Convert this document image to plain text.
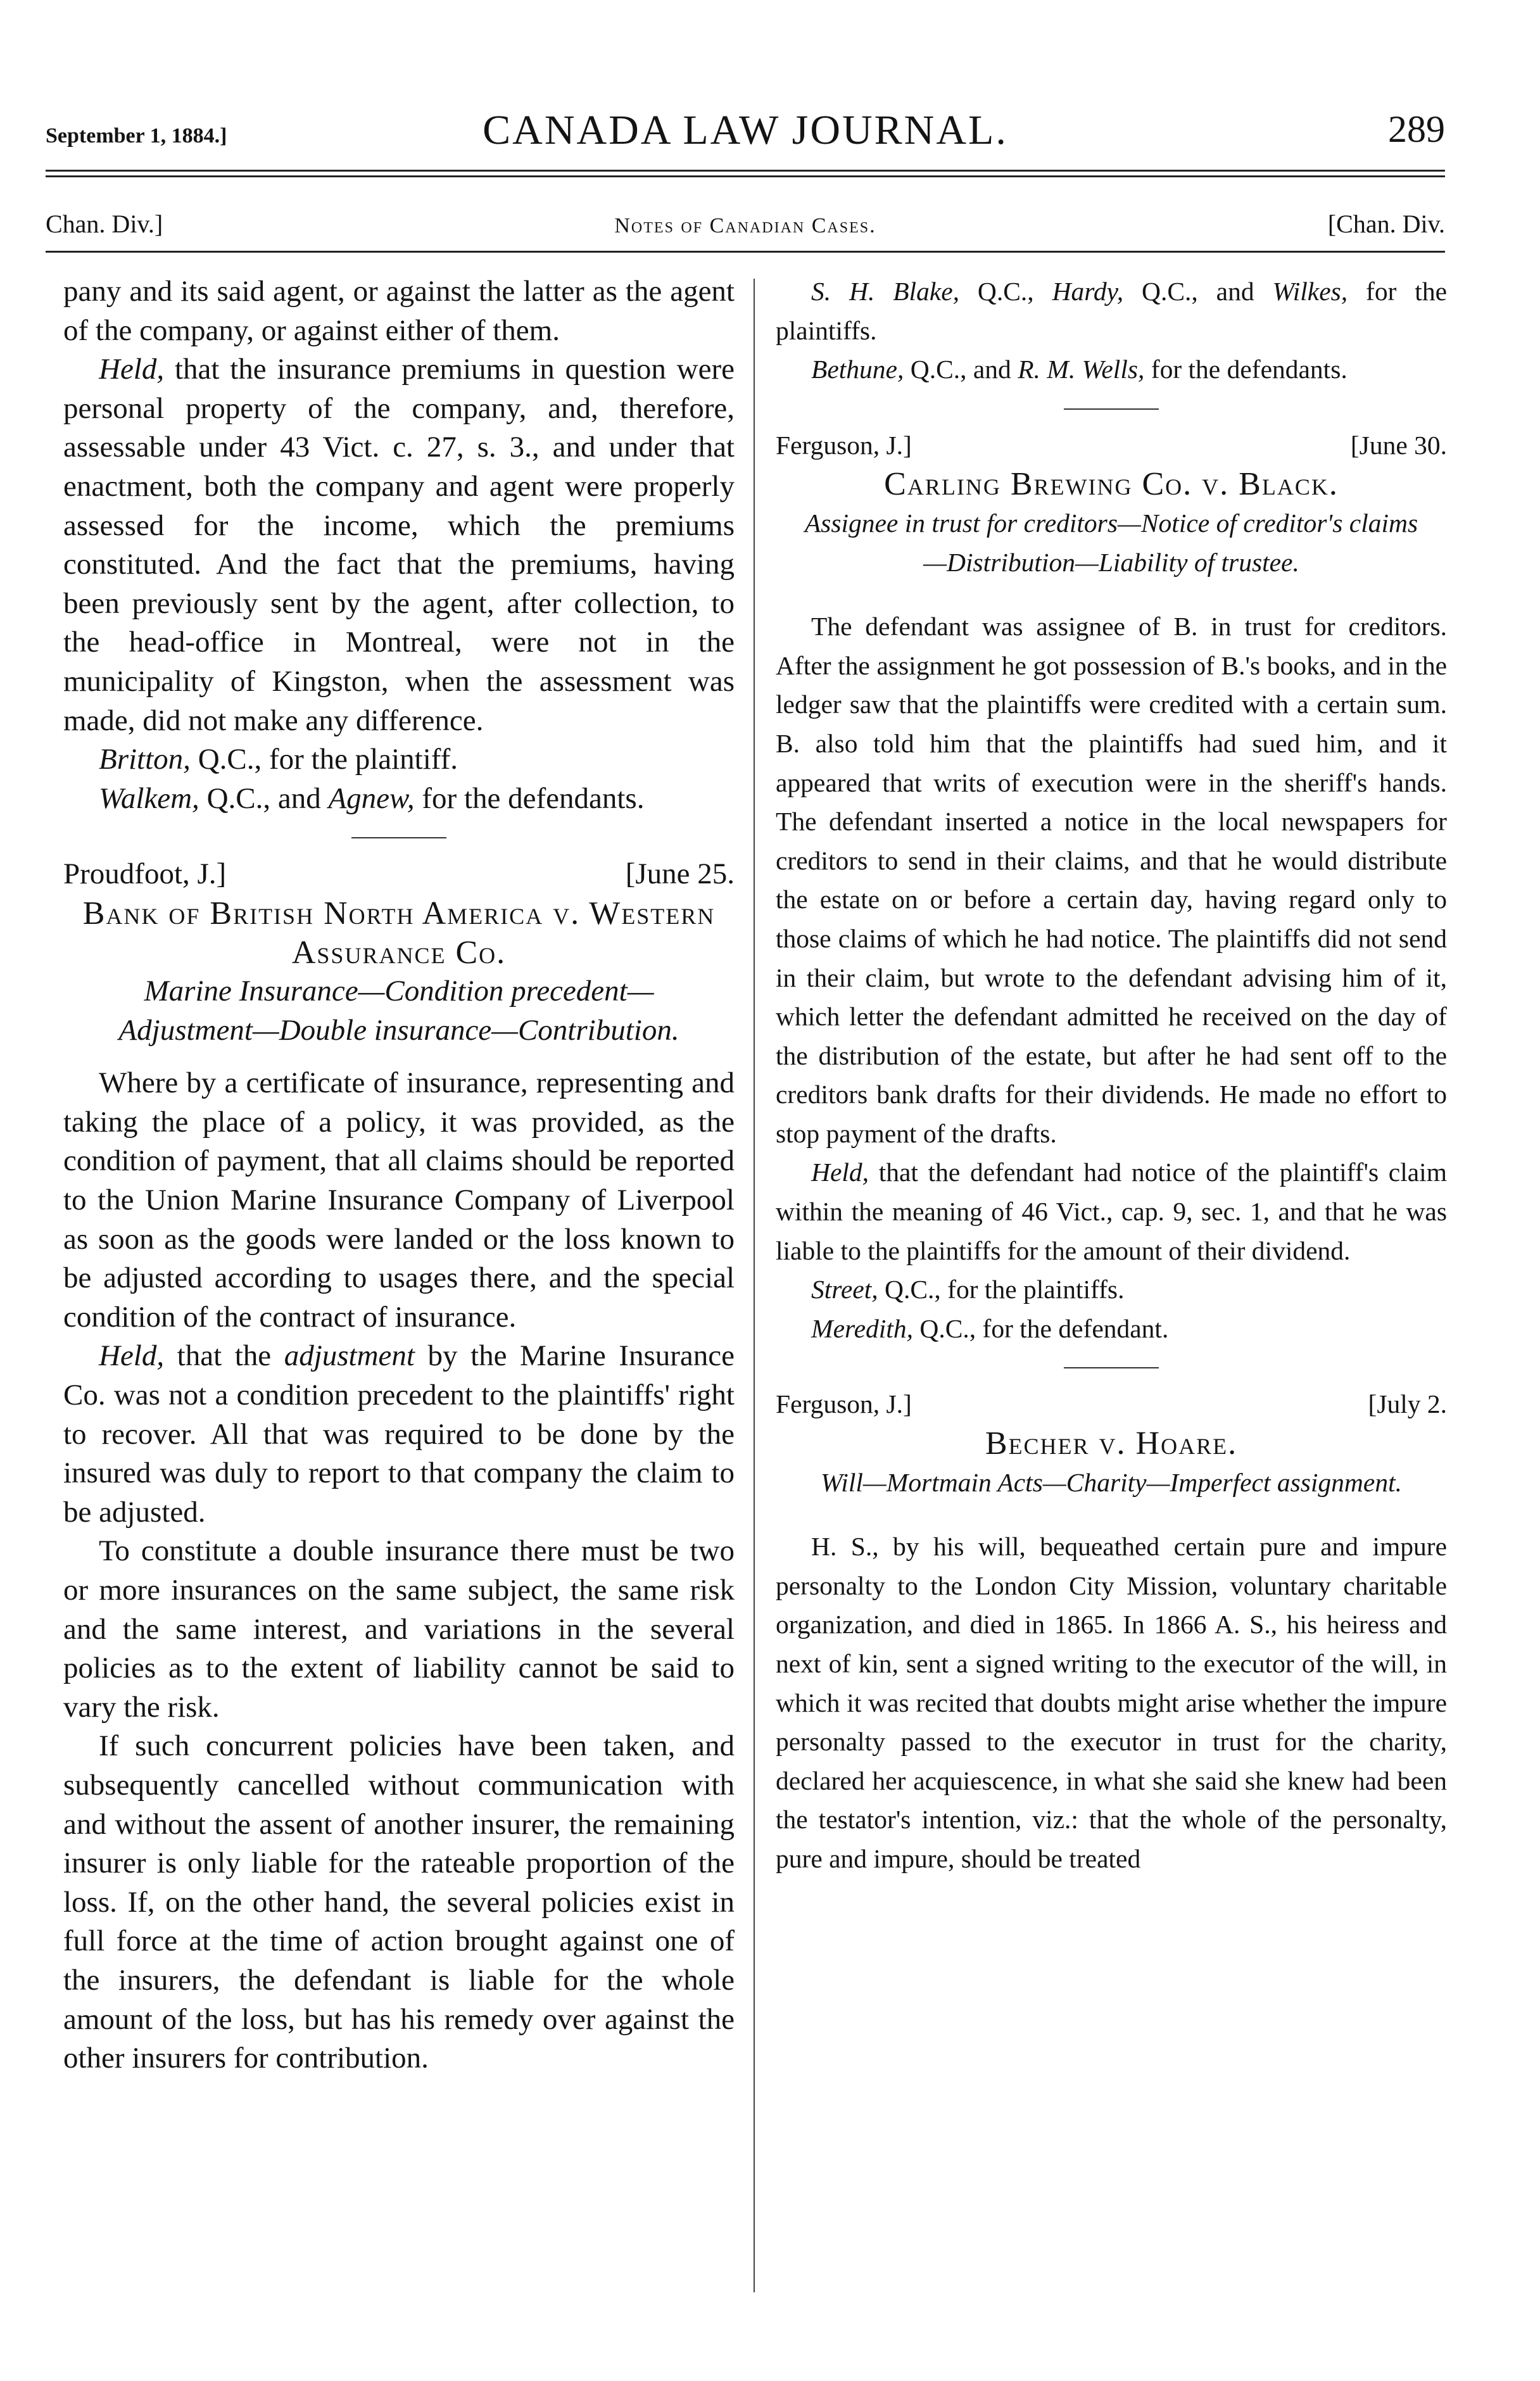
September 1, 1884.]	CANADA LAW JOURNAL.	289
Chan. Div.]	Notes of Canadian Cases.	[Chan. Div.

pany and its said agent, or against the latter as the agent of the company, or against either of them.

Held, that the insurance premiums in question were personal property of the company, and, therefore, assessable under 43 Vict. c. 27, s. 3., and under that enactment, both the company and agent were properly assessed for the income, which the premiums constituted. And the fact that the premiums, having been previously sent by the agent, after collection, to the head-office in Montreal, were not in the municipality of Kingston, when the assessment was made, did not make any difference.

Britton, Q.C., for the plaintiff.

Walkem, Q.C., and Agnew, for the defendants.

Proudfoot, J.]	[June 25.

Bank of British North America v. Western Assurance Co.

Marine Insurance—Condition precedent—Adjustment—Double insurance—Contribution.

Where by a certificate of insurance, representing and taking the place of a policy, it was provided, as the condition of payment, that all claims should be reported to the Union Marine Insurance Company of Liverpool as soon as the goods were landed or the loss known to be adjusted according to usages there, and the special condition of the contract of insurance.

Held, that the adjustment by the Marine Insurance Co. was not a condition precedent to the plaintiffs' right to recover. All that was required to be done by the insured was duly to report to that company the claim to be adjusted.

To constitute a double insurance there must be two or more insurances on the same subject, the same risk and the same interest, and variations in the several policies as to the extent of liability cannot be said to vary the risk.

If such concurrent policies have been taken, and subsequently cancelled without communication with and without the assent of another insurer, the remaining insurer is only liable for the rateable proportion of the loss. If, on the other hand, the several policies exist in full force at the time of action brought against one of the insurers, the defendant is liable for the whole amount of the loss, but has his remedy over against the other insurers for contribution.

S. H. Blake, Q.C., Hardy, Q.C., and Wilkes, for the plaintiffs.

Bethune, Q.C., and R. M. Wells, for the defendants.

Ferguson, J.]	[June 30.

Carling Brewing Co. v. Black.

Assignee in trust for creditors—Notice of creditor's claims—Distribution—Liability of trustee.

The defendant was assignee of B. in trust for creditors. After the assignment he got possession of B.'s books, and in the ledger saw that the plaintiffs were credited with a certain sum. B. also told him that the plaintiffs had sued him, and it appeared that writs of execution were in the sheriff's hands. The defendant inserted a notice in the local newspapers for creditors to send in their claims, and that he would distribute the estate on or before a certain day, having regard only to those claims of which he had notice. The plaintiffs did not send in their claim, but wrote to the defendant advising him of it, which letter the defendant admitted he received on the day of the distribution of the estate, but after he had sent off to the creditors bank drafts for their dividends. He made no effort to stop payment of the drafts.

Held, that the defendant had notice of the plaintiff's claim within the meaning of 46 Vict., cap. 9, sec. 1, and that he was liable to the plaintiffs for the amount of their dividend.

Street, Q.C., for the plaintiffs.

Meredith, Q.C., for the defendant.

Ferguson, J.]	[July 2.

Becher v. Hoare.

Will—Mortmain Acts—Charity—Imperfect assignment.

H. S., by his will, bequeathed certain pure and impure personalty to the London City Mission, voluntary charitable organization, and died in 1865. In 1866 A. S., his heiress and next of kin, sent a signed writing to the executor of the will, in which it was recited that doubts might arise whether the impure personalty passed to the executor in trust for the charity, declared her acquiescence, in what she said she knew had been the testator's intention, viz.: that the whole of the personalty, pure and impure, should be treated
